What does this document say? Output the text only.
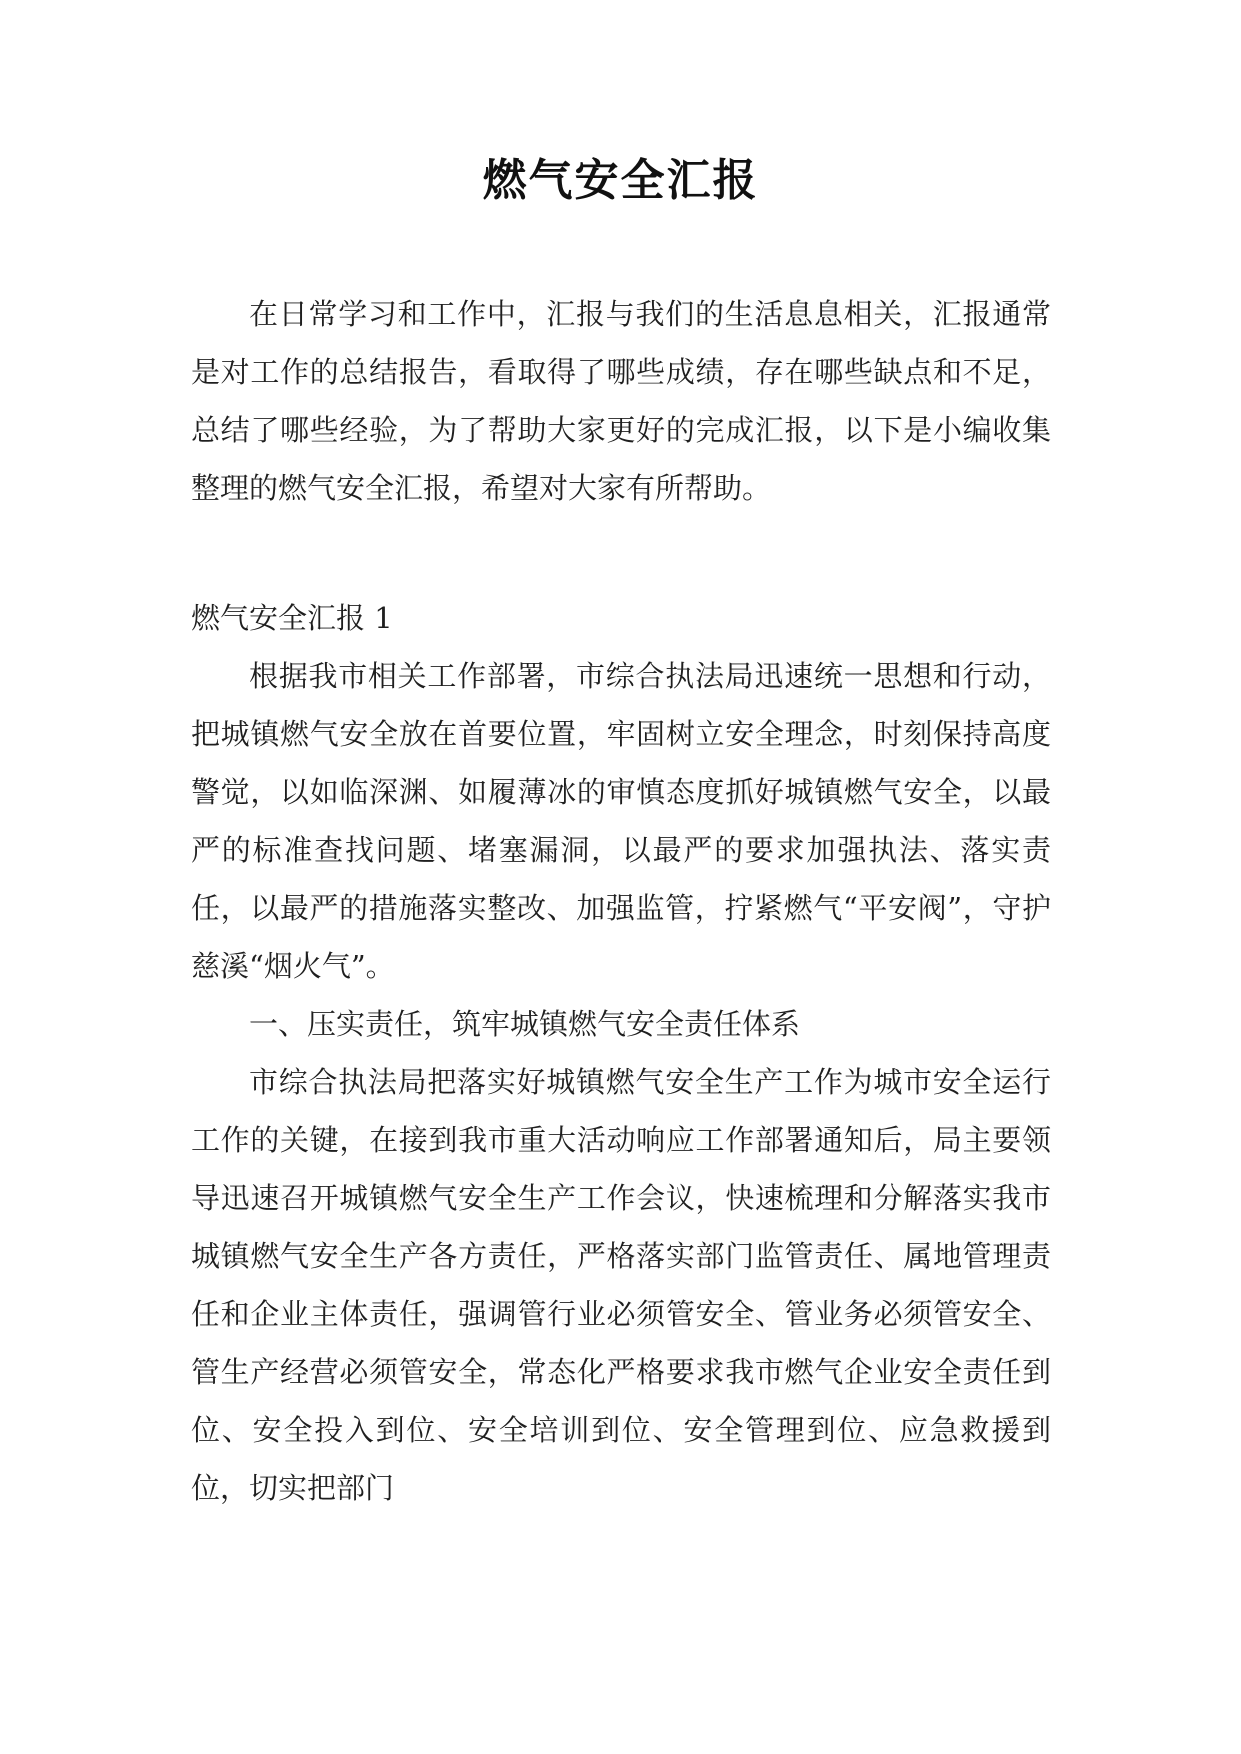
燃气安全汇报

在日常学习和工作中，汇报与我们的生活息息相关，汇报通常是对工作的总结报告，看取得了哪些成绩，存在哪些缺点和不足，总结了哪些经验，为了帮助大家更好的完成汇报，以下是小编收集整理的燃气安全汇报，希望对大家有所帮助。

燃气安全汇报 1

根据我市相关工作部署，市综合执法局迅速统一思想和行动，把城镇燃气安全放在首要位置，牢固树立安全理念，时刻保持高度警觉，以如临深渊、如履薄冰的审慎态度抓好城镇燃气安全，以最严的标准查找问题、堵塞漏洞，以最严的要求加强执法、落实责任，以最严的措施落实整改、加强监管，拧紧燃气“平安阀”，守护慈溪“烟火气”。

一、压实责任，筑牢城镇燃气安全责任体系

市综合执法局把落实好城镇燃气安全生产工作为城市安全运行工作的关键，在接到我市重大活动响应工作部署通知后，局主要领导迅速召开城镇燃气安全生产工作会议，快速梳理和分解落实我市城镇燃气安全生产各方责任，严格落实部门监管责任、属地管理责任和企业主体责任，强调管行业必须管安全、管业务必须管安全、管生产经营必须管安全，常态化严格要求我市燃气企业安全责任到位、安全投入到位、安全培训到位、安全管理到位、应急救援到位，切实把部门
